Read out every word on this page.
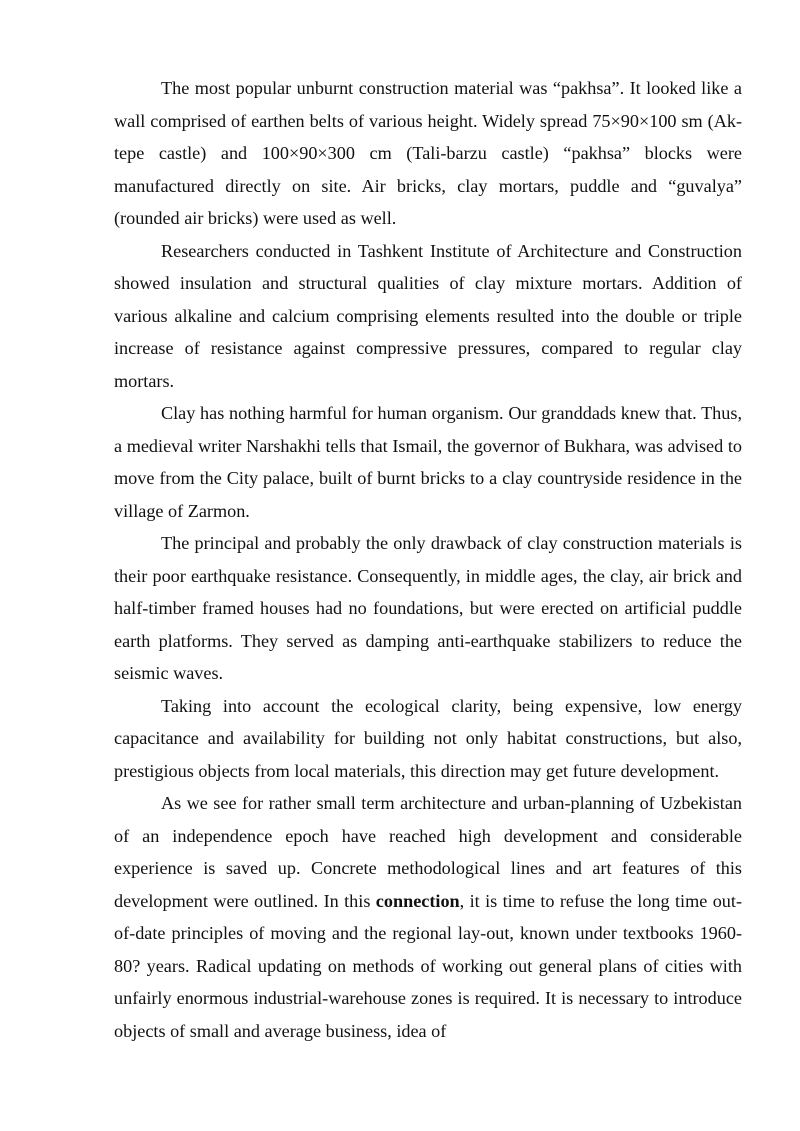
The most popular unburnt construction material was “pakhsa”. It looked like a wall comprised of earthen belts of various height. Widely spread 75×90×100 sm (Ak-tepe castle) and 100×90×300 cm (Tali-barzu castle) “pakhsa” blocks were manufactured directly on site. Air bricks, clay mortars, puddle and “guvalya” (rounded air bricks) were used as well.

Researchers conducted in Tashkent Institute of Architecture and Construction showed insulation and structural qualities of clay mixture mortars. Addition of various alkaline and calcium comprising elements resulted into the double or triple increase of resistance against compressive pressures, compared to regular clay mortars.

Clay has nothing harmful for human organism. Our granddads knew that. Thus, a medieval writer Narshakhi tells that Ismail, the governor of Bukhara, was advised to move from the City palace, built of burnt bricks to a clay countryside residence in the village of Zarmon.

The principal and probably the only drawback of clay construction materials is their poor earthquake resistance. Consequently, in middle ages, the clay, air brick and half-timber framed houses had no foundations, but were erected on artificial puddle earth platforms. They served as damping anti-earthquake stabilizers to reduce the seismic waves.

Taking into account the ecological clarity, being expensive, low energy capacitance and availability for building not only habitat constructions, but also, prestigious objects from local materials, this direction may get future development.

As we see for rather small term architecture and urban-planning of Uzbekistan of an independence epoch have reached high development and considerable experience is saved up. Concrete methodological lines and art features of this development were outlined. In this connection, it is time to refuse the long time out-of-date principles of moving and the regional lay-out, known under textbooks 1960-80? years. Radical updating on methods of working out general plans of cities with unfairly enormous industrial-warehouse zones is required. It is necessary to introduce objects of small and average business, idea of
